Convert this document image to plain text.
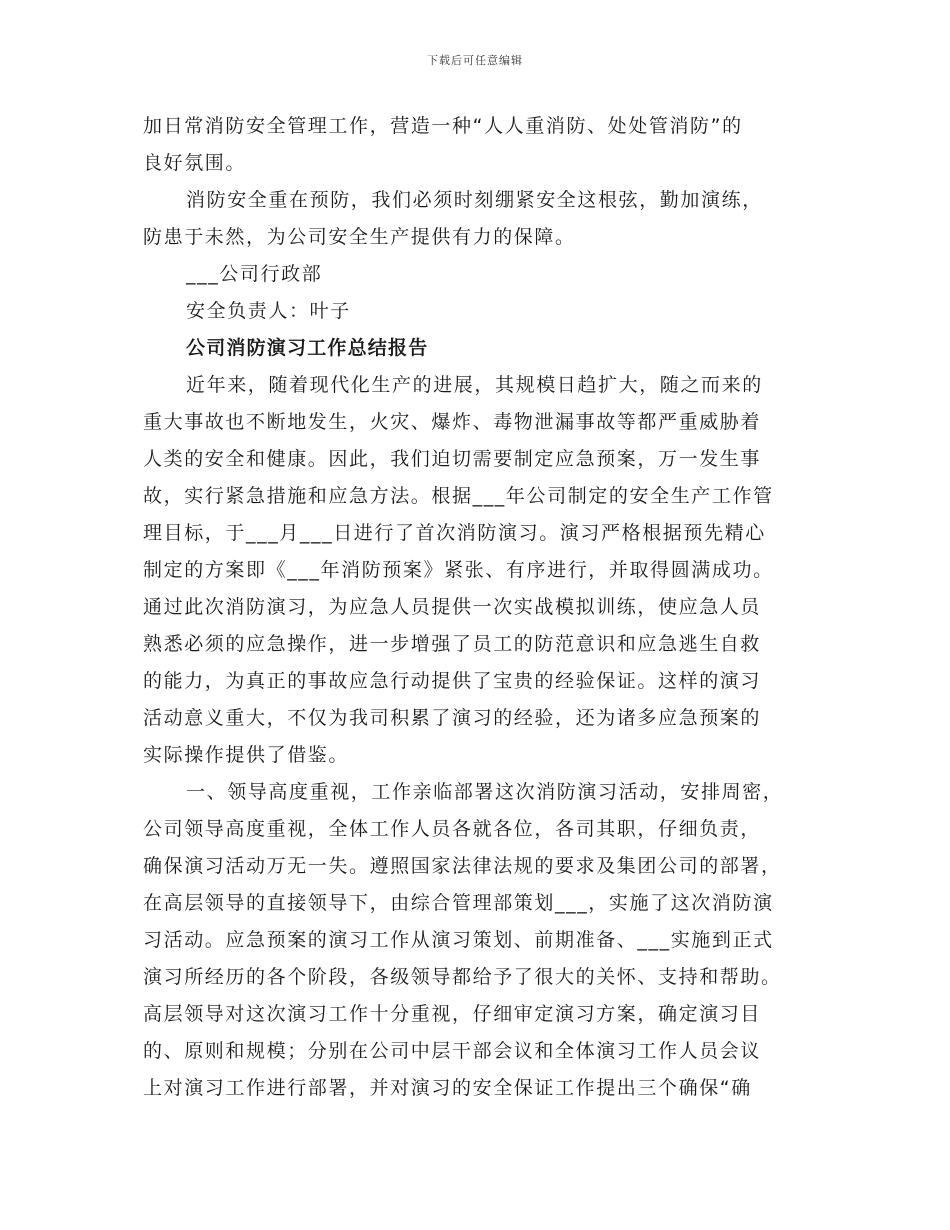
下载后可任意编辑
加日常消防安全管理工作，营造一种“人人重消防、处处管消防”的
良好氛围。
消防安全重在预防，我们必须时刻绷紧安全这根弦，勤加演练，
防患于未然，为公司安全生产提供有力的保障。
___公司行政部
安全负责人：叶子
公司消防演习工作总结报告
近年来，随着现代化生产的进展，其规模日趋扩大，随之而来的
重大事故也不断地发生，火灾、爆炸、毒物泄漏事故等都严重威胁着
人类的安全和健康。因此，我们迫切需要制定应急预案，万一发生事
故，实行紧急措施和应急方法。根据___年公司制定的安全生产工作管
理目标，于___月___日进行了首次消防演习。演习严格根据预先精心
制定的方案即《___年消防预案》紧张、有序进行，并取得圆满成功。
通过此次消防演习，为应急人员提供一次实战模拟训练，使应急人员
熟悉必须的应急操作，进一步增强了员工的防范意识和应急逃生自救
的能力，为真正的事故应急行动提供了宝贵的经验保证。这样的演习
活动意义重大，不仅为我司积累了演习的经验，还为诸多应急预案的
实际操作提供了借鉴。
一、领导高度重视，工作亲临部署这次消防演习活动，安排周密，
公司领导高度重视，全体工作人员各就各位，各司其职，仔细负责，
确保演习活动万无一失。遵照国家法律法规的要求及集团公司的部署，
在高层领导的直接领导下，由综合管理部策划___，实施了这次消防演
习活动。应急预案的演习工作从演习策划、前期准备、___实施到正式
演习所经历的各个阶段，各级领导都给予了很大的关怀、支持和帮助。
高层领导对这次演习工作十分重视，仔细审定演习方案，确定演习目
的、原则和规模；分别在公司中层干部会议和全体演习工作人员会议
上对演习工作进行部署，并对演习的安全保证工作提出三个确保“确
